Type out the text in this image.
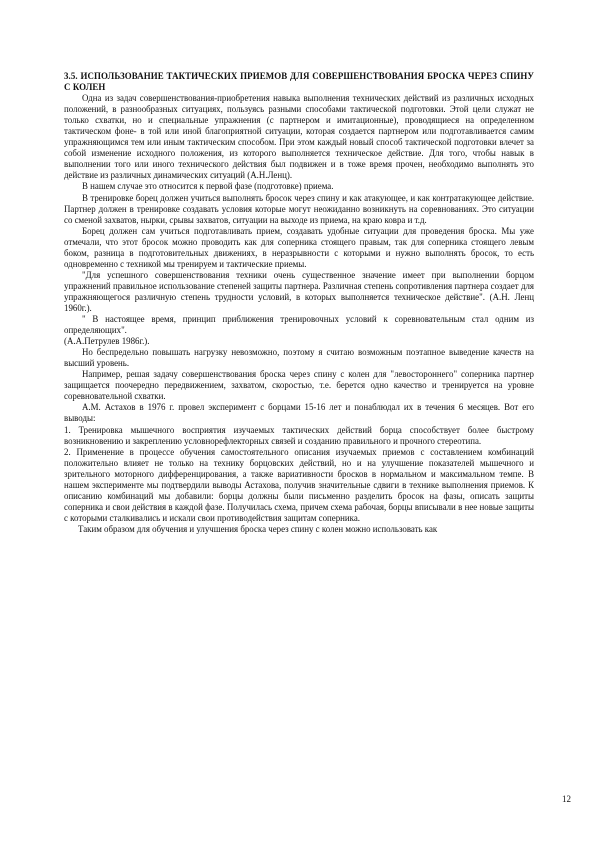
3.5. ИСПОЛЬЗОВАНИЕ ТАКТИЧЕСКИХ ПРИЕМОВ ДЛЯ СОВЕРШЕНСТВОВАНИЯ БРОСКА ЧЕРЕЗ СПИНУ С КОЛЕН

Одна из задач совершенствования-приобретения навыка выполнения технических действий из различных исходных положений, в разнообразных ситуациях, пользуясь разными способами тактической подготовки. Этой цели служат не только схватки, но и специальные упражнения (с партнером и имитационные), проводящиеся на определенном тактическом фоне- в той или иной благоприятной ситуации, которая создается партнером или подготавливается самим упражняющимся тем или иным тактическим способом. При этом каждый новый способ тактической подготовки влечет за собой изменение исходного положения, из которого выполняется техническое действие. Для того, чтобы навык в выполнении того или иного технического действия был подвижен и в тоже время прочен, необходимо выполнять это действие из различных динамических ситуаций (А.Н.Ленц).

В нашем случае это относится к первой фазе (подготовке) приема.

В тренировке борец должен учиться выполнять бросок через спину и как атакующее, и как контратакующее действие. Партнер должен в тренировке создавать условия которые могут неожиданно возникнуть на соревнованиях. Это ситуации со сменой захватов, нырки, срывы захватов, ситуации на выходе из приема, на краю ковра и т.д.

Борец должен сам учиться подготавливать прием, создавать удобные ситуации для проведения броска. Мы уже отмечали, что этот бросок можно проводить как для соперника стоящего правым, так для соперника стоящего левым боком, разница в подготовительных движениях, в неразрывности с которыми и нужно выполнять бросок, то есть одновременно с техникой мы тренируем и тактические приемы.

"Для успешного совершенствования техники очень существенное значение имеет при выполнении борцом упражнений правильное использование степеней защиты партнера. Различная степень сопротивления партнера создает для упражняющегося различную степень трудности условий, в которых выполняется техническое действие". (А.Н. Ленц 1960г.).

" В настоящее время, принцип приближения тренировочных условий к соревновательным стал одним из определяющих".

(А.А.Петрулев 1986г.).

Но беспредельно повышать нагрузку невозможно, поэтому я считаю возможным поэтапное выведение качеств на высший уровень.

Например, решая задачу совершенствования броска через спину с колен для "левостороннего" соперника партнер защищается поочередно передвижением, захватом, скоростью, т.е. берется одно качество и тренируется на уровне соревновательной схватки.

А.М. Астахов в 1976 г. провел эксперимент с борцами 15-16 лет и понаблюдал их в течения 6 месяцев. Вот его выводы:

1. Тренировка мышечного восприятия изучаемых тактических действий борца способствует более быстрому возникновению и закреплению условнорефлекторных связей и созданию правильного и прочного стереотипа.

2. Применение в процессе обучения самостоятельного описания изучаемых приемов с составлением комбинаций положительно влияет не только на технику борцовских действий, но и на улучшение показателей мышечного и зрительного моторного дифференцирования, а также вариативности бросков в нормальном и максимальном темпе. В нашем эксперименте мы подтвердили выводы Астахова, получив значительные сдвиги в технике выполнения приемов. К описанию комбинаций мы добавили: борцы должны были письменно разделить бросок на фазы, описать защиты соперника и свои действия в каждой фазе. Получилась схема, причем схема рабочая, борцы вписывали в нее новые защиты с которыми сталкивались и искали свои противодействия защитам соперника.

Таким образом для обучения и улучшения броска через спину с колен можно использовать как

12
